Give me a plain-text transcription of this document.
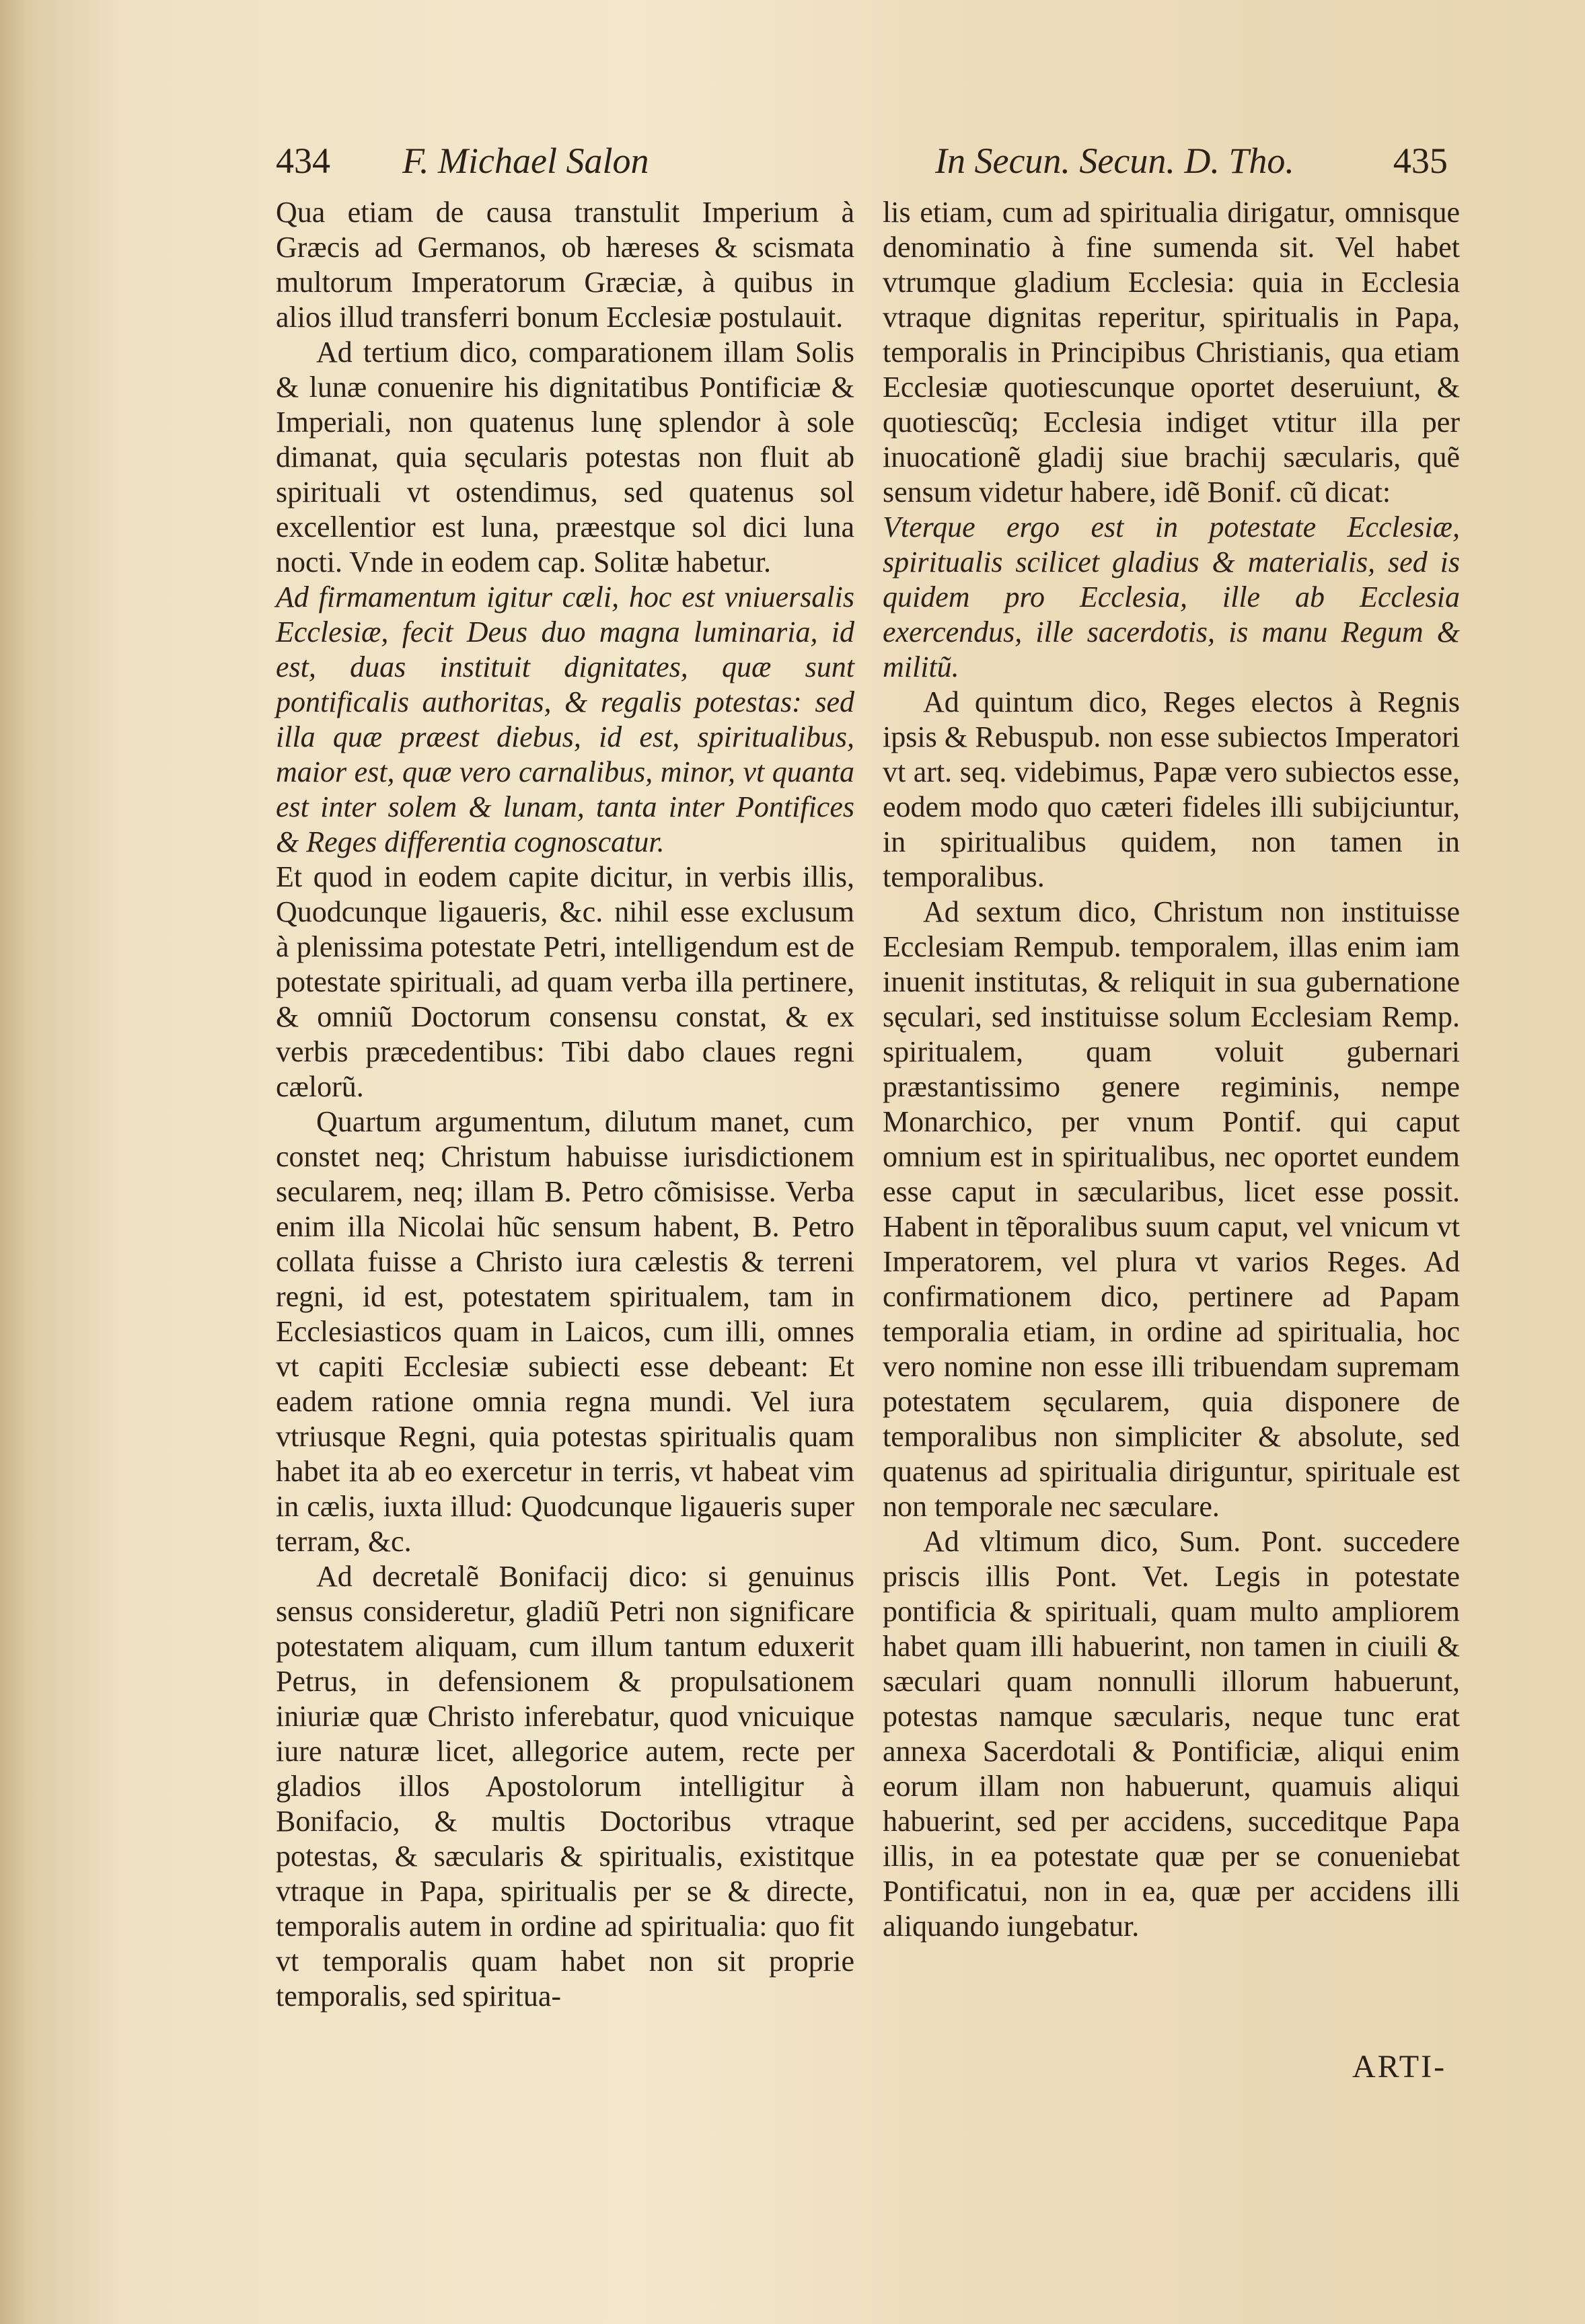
434 F. Michael Salon	In Secun. Secun. D. Tho.	435

Qua etiam de causa transtulit Imperium à Græcis ad Germanos, ob hæreses & scismata multorum Imperatorum Græciæ, à quibus in alios illud transferri bonum Ecclesiæ postulauit.

Ad tertium dico, comparationem illam Solis & lunæ conuenire his dignitatibus Pontificiæ & Imperiali, non quatenus lunę splendor à sole dimanat, quia sęcularis potestas non fluit ab spirituali vt ostendimus, sed quatenus sol excellentior est luna, præestque sol dici luna nocti. Vnde in eodem cap. Solitæ habetur.

Ad firmamentum igitur cæli, hoc est vniuersalis Ecclesiæ, fecit Deus duo magna luminaria, id est, duas instituit dignitates, quæ sunt pontificalis authoritas, & regalis potestas: sed illa quæ præest diebus, id est, spiritualibus, maior est, quæ vero carnalibus, minor, vt quanta est inter solem & lunam, tanta inter Pontifices & Reges differentia cognoscatur.

Et quod in eodem capite dicitur, in verbis illis, Quodcunque ligaueris, &c. nihil esse exclusum à plenissima potestate Petri, intelligendum est de potestate spirituali, ad quam verba illa pertinere, & omniũ Doctorum consensu constat, & ex verbis præcedentibus: Tibi dabo claues regni cælorũ.

Quartum argumentum, dilutum manet, cum constet neq; Christum habuisse iurisdictionem secularem, neq; illam B. Petro cõmisisse. Verba enim illa Nicolai hũc sensum habent, B. Petro collata fuisse a Christo iura cælestis & terreni regni, id est, potestatem spiritualem, tam in Ecclesiasticos quam in Laicos, cum illi, omnes vt capiti Ecclesiæ subiecti esse debeant: Et eadem ratione omnia regna mundi. Vel iura vtriusque Regni, quia potestas spiritualis quam habet ita ab eo exercetur in terris, vt habeat vim in cælis, iuxta illud: Quodcunque ligaueris super terram, &c.

Ad decretalẽ Bonifacij dico: si genuinus sensus consideretur, gladiũ Petri non significare potestatem aliquam, cum illum tantum eduxerit Petrus, in defensionem & propulsationem iniuriæ quæ Christo inferebatur, quod vnicuique iure naturæ licet, allegorice autem, recte per gladios illos Apostolorum intelligitur à Bonifacio, & multis Doctoribus vtraque potestas, & sæcularis & spiritualis, existitque vtraque in Papa, spiritualis per se & directe, temporalis autem in ordine ad spiritualia: quo fit vt temporalis quam habet non sit proprie temporalis, sed spiritua-

lis etiam, cum ad spiritualia dirigatur, omnisque denominatio à fine sumenda sit. Vel habet vtrumque gladium Ecclesia: quia in Ecclesia vtraque dignitas reperitur, spiritualis in Papa, temporalis in Principibus Christianis, qua etiam Ecclesiæ quotiescunque oportet deseruiunt, & quotiescũq; Ecclesia indiget vtitur illa per inuocationẽ gladij siue brachij sæcularis, quẽ sensum videtur habere, idẽ Bonif. cũ dicat:

Vterque ergo est in potestate Ecclesiæ, spiritualis scilicet gladius & materialis, sed is quidem pro Ecclesia, ille ab Ecclesia exercendus, ille sacerdotis, is manu Regum & militũ.

Ad quintum dico, Reges electos à Regnis ipsis & Rebuspub. non esse subiectos Imperatori vt art. seq. videbimus, Papæ vero subiectos esse, eodem modo quo cæteri fideles illi subijciuntur, in spiritualibus quidem, non tamen in temporalibus.

Ad sextum dico, Christum non instituisse Ecclesiam Rempub. temporalem, illas enim iam inuenit institutas, & reliquit in sua gubernatione sęculari, sed instituisse solum Ecclesiam Remp. spiritualem, quam voluit gubernari præstantissimo genere regiminis, nempe Monarchico, per vnum Pontif. qui caput omnium est in spiritualibus, nec oportet eundem esse caput in sæcularibus, licet esse possit. Habent in tẽporalibus suum caput, vel vnicum vt Imperatorem, vel plura vt varios Reges. Ad confirmationem dico, pertinere ad Papam temporalia etiam, in ordine ad spiritualia, hoc vero nomine non esse illi tribuendam supremam potestatem sęcularem, quia disponere de temporalibus non simpliciter & absolute, sed quatenus ad spiritualia diriguntur, spirituale est non temporale nec sæculare.

Ad vltimum dico, Sum. Pont. succedere priscis illis Pont. Vet. Legis in potestate pontificia & spirituali, quam multo ampliorem habet quam illi habuerint, non tamen in ciuili & sæculari quam nonnulli illorum habuerunt, potestas namque sæcularis, neque tunc erat annexa Sacerdotali & Pontificiæ, aliqui enim eorum illam non habuerunt, quamuis aliqui habuerint, sed per accidens, succeditque Papa illis, in ea potestate quæ per se conueniebat Pontificatui, non in ea, quæ per accidens illi aliquando iungebatur.

ARTI-
